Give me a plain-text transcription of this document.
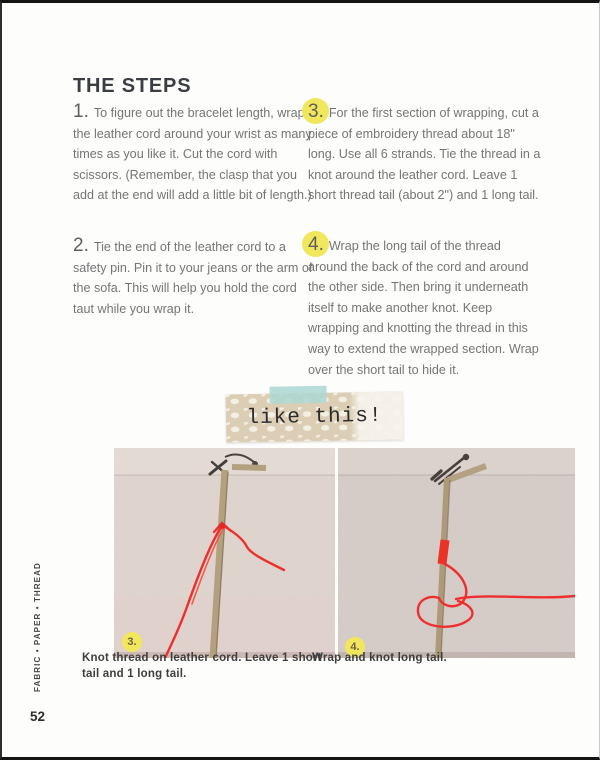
THE STEPS

1. To figure out the bracelet length, wrap the leather cord around your wrist as many times as you like it. Cut the cord with scissors. (Remember, the clasp that you add at the end will add a little bit of length.)

2. Tie the end of the leather cord to a safety pin. Pin it to your jeans or the arm of the sofa. This will help you hold the cord taut while you wrap it.

3. For the first section of wrapping, cut a piece of embroidery thread about 18" long. Use all 6 strands. Tie the thread in a knot around the leather cord. Leave 1 short thread tail (about 2") and 1 long tail.

4. Wrap the long tail of the thread around the back of the cord and around the other side. Then bring it underneath itself to make another knot. Keep wrapping and knotting the thread in this way to extend the wrapped section. Wrap over the short tail to hide it.

3.	4.
like this!

Knot thread on leather cord. Leave 1 short tail and 1 long tail.

Wrap and knot long tail.

FABRIC • PAPER • THREAD
52
